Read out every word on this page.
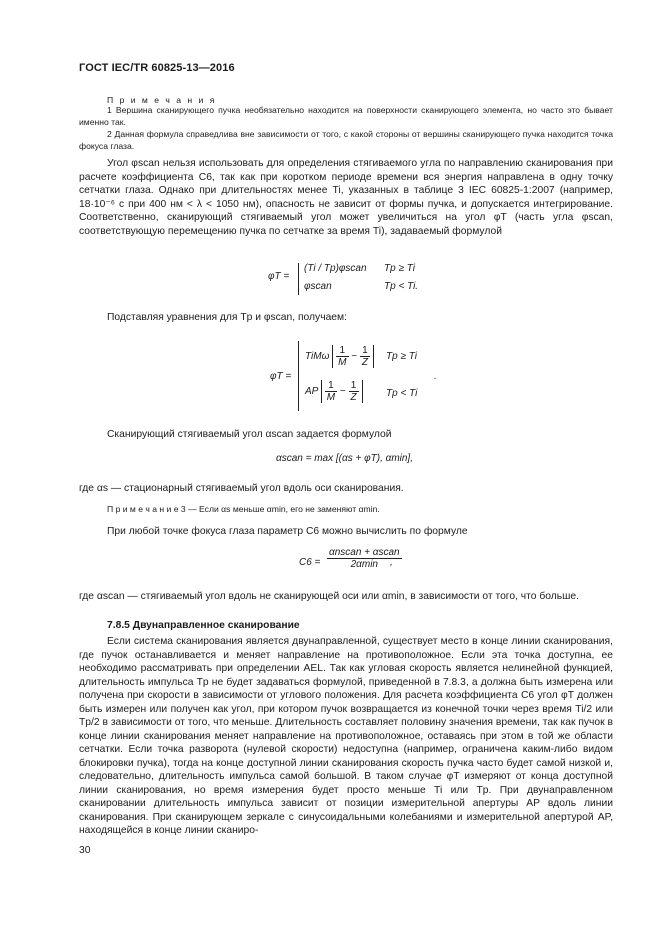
ГОСТ IEC/TR 60825-13—2016
П р и м е ч а н и я

1 Вершина сканирующего пучка необязательно находится на поверхности сканирующего элемента, но часто это бывает именно так.

2 Данная формула справедлива вне зависимости от того, с какой стороны от вершины сканирующего пучка находится точка фокуса глаза.

Угол φscan нельзя использовать для определения стягиваемого угла по направлению сканирования при расчете коэффициента C6, так как при коротком периоде времени вся энергия направлена в одну точку сетчатки глаза. Однако при длительностях менее Ti, указанных в таблице 3 IEC 60825-1:2007 (например, 18·10⁻⁶ с при 400 нм < λ < 1050 нм), опасность не зависит от формы пучка, и допускается интегрирование. Соответственно, сканирующий стягиваемый угол может увеличиться на угол φT (часть угла φscan, соответствующую перемещению пучка по сетчатке за время Ti), задаваемый формулой

φT =
(Ti / Tp)φscan Tp ≥ Ti
φscan	Tp < Ti.

Подставляя уравнения для Tp и φscan, получаем:

φT =
TiMω $\frac{1}{M} - \frac{1}{Z}$ Tp ≥ Ti
AP $\frac{1}{M} - \frac{1}{Z}$	Tp < Ti
.

Сканирующий стягиваемый угол αscan задается формулой

αscan = max [(αs + φT), αmin],

где αs — стационарный стягиваемый угол вдоль оси сканирования.

П р и м е ч а н и е 3 — Если αs меньше αmin, его не заменяют αmin.

При любой точке фокуса глаза параметр C6 можно вычислить по формуле

$C6 = \frac{\text{αnscan + αscan}}{2\alpha\min}$
,

где αscan — стягиваемый угол вдоль не сканирующей оси или αmin, в зависимости от того, что больше.

7.8.5 Двунаправленное сканирование

Если система сканирования является двунаправленной, существует место в конце линии сканирования, где пучок останавливается и меняет направление на противоположное. Если эта точка доступна, ее необходимо рассматривать при определении AEL. Так как угловая скорость является нелинейной функцией, длительность импульса Tp не будет задаваться формулой, приведенной в 7.8.3, а должна быть измерена или получена при скорости в зависимости от углового положения. Для расчета коэффициента C6 угол φT должен быть измерен или получен как угол, при котором пучок возвращается из конечной точки через время Ti/2 или Tp/2 в зависимости от того, что меньше. Длительность составляет половину значения времени, так как пучок в конце линии сканирования меняет направление на противоположное, оставаясь при этом в той же области сетчатки. Если точка разворота (нулевой скорости) недоступна (например, ограничена каким-либо видом блокировки пучка), тогда на конце доступной линии сканирования скорость пучка часто будет самой низкой и, следовательно, длительность импульса самой большой. В таком случае φT измеряют от конца доступной линии сканирования, но время измерения будет просто меньше Ti или Tp. При двунаправленном сканировании длительность импульса зависит от позиции измерительной апертуры AP вдоль линии сканирования. При сканирующем зеркале с синусоидальными колебаниями и измерительной апертурой AP, находящейся в конце линии сканиро-

30
